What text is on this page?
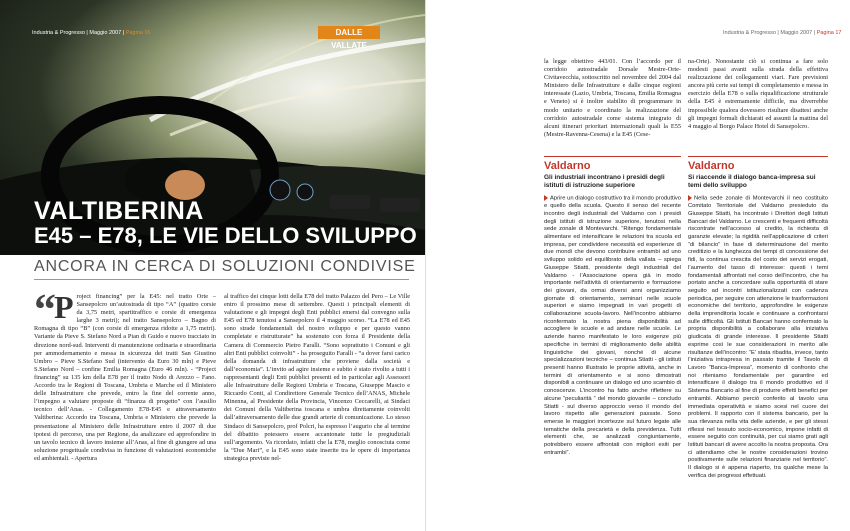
Industria & Progresso | Maggio 2007 | Pagina 16	DALLE VALLATE
VALTIBERINA
E45 – E78, LE VIE DELLO SVILUPPO
ANCORA IN CERCA DI SOLUZIONI CONDIVISE
“
P roject financing” per la E45: nel tratto Orte – Sansepolcro un’autostrada di tipo “A” (quattro corsie da 3,75 metri, spartitraffico e corsie di emergenza larghe 3 metri); nel tratto Sansepolcro – Bagno di Romagna di tipo “B” (con corsie di emergenza ridotte a 1,75 metri). Variante da Pieve S. Stefano Nord a Pian di Guido e nuovo tracciato in direzione nord-sud. Interventi di manutenzione ordinaria e straordinaria per ammodernamento e messa in sicurezza dei tratti San Giustino Umbro – Pieve S.Stefano Sud (intervento da Euro 30 mln) e Pieve S.Stefano Nord – confine Emilia Romagna (Euro 46 mln). - “Project financing” su 135 km della E78 per il tratto Nodo di Arezzo – Fano. Accordo tra le Regioni di Toscana, Umbria e Marche ed il Ministero delle Infrastrutture che prevede, entro la fine del corrente anno, l’impegno a valutare proposte di “finanza di progetto” con l’ausilio tecnico dell’Anas. - Collegamento E78-E45 e attraversamento Valtiberina: Accordo tra Toscana, Umbria e Ministero che prevede la presentazione al Ministero delle Infrastrutture entro il 2007 di due ipotesi di percorso, una per Regione, da analizzare ed approfondire in un tavolo tecnico di lavoro insieme all’Anas, al fine di giungere ad una soluzione progettuale condivisa in funzione di valutazioni economiche ed ambientali. - Apertura
al traffico dei cinque lotti della E78 del tratto Palazzo del Pero – Le Ville entro il prossimo mese di settembre. Questi i principali elementi di valutazione e gli impegni degli Enti pubblici emersi dal convegno sulla E45 ed E78 tenutosi a Sansepolcro il 4 maggio scorso. “La E78 ed E45 sono strade fondamentali del nostro sviluppo e per questo vanno completate e ristrutturate” ha sostenuto con forza il Presidente della Camera di Commercio Pietro Faralli. “Sono soprattutto i Comuni e gli altri Enti pubblici coinvolti” - ha proseguito Faralli - “a dover farsi carico della domanda di infrastrutture che proviene dalla società e dall’economia”. L’invito ad agire insieme e subito è stato rivolto a tutti i rappresentanti degli Enti pubblici presenti ed in particolar agli Assessori alle Infrastrutture delle Regioni Umbria e Toscana, Giuseppe Mascio e Riccardo Conti, al Condirettore Generale Tecnico dell’ANAS, Michele Minenna, al Presidente della Provincia, Vincenzo Ceccarelli, ai Sindaci dei Comuni della Valtiberina toscana e umbra direttamente coinvolti dall’attraversamento delle due grandi arterie di comunicazione. Lo stesso Sindaco di Sansepolcro, prof Polcri, ha espresso l’augurio che al termine del dibattito potessero essere accantonate tutte le pregiudiziali sull’argomento. Va ricordato, infatti che la E78, meglio conosciuta come la “Due Mari”, e la E45 sono state inserite tra le opere di importanza strategica previste nel-
Industria & Progresso | Maggio 2007 | Pagina 17
la legge obiettivo 443/01. Con l’accordo per il corridoio autostradale Dorsale Mestre-Orte-Civitavecchia, sottoscritto nel novembre del 2004 dal Ministero delle Infrastrutture e dalle cinque regioni interessate (Lazio, Umbria, Toscana, Emilia Romagna e Veneto) si è inoltre stabilito di programmare in modo unitario e coordinato la realizzazione del corridoio autostradale come sistema integrato di alcuni itinerari prioritari internazionali quali la E55 (Mestre-Ravenna-Cesena) e la E45 (Cese-
na-Orte). Nonostante ciò si continua a fare solo modesti passi avanti sulla strada della effettiva realizzazione dei collegamenti viari. Fare previsioni ancora più certe sui tempi di completamento e messa in esercizio della E78 o sulla riqualificazione strutturale della E45 è estremamente difficile, ma diverrebbe impossibile qualora dovessero risultare disattesi anche gli impegni formali dichiarati ed assunti la mattina del 4 maggio al Borgo Palace Hotel di Sansepolcro.
Valdarno
Gli industriali incontrano i presidi degli istituti di istruzione superiore
Aprire un dialogo costruttivo tra il mondo produttivo e quello della scuola. Questo il senso del recente incontro degli industriali del Valdarno con i presidi degli istituti di istruzione superiore, tenutosi nella sede zonale di Montevarchi. “Ritengo fondamentale alimentare ed intensificare le relazioni tra scuola ed impresa, per condividere necessità ed esperienze di due mondi che devono contribuire entrambi ad uno sviluppo solido ed equilibrato della vallata – spiega Giuseppe Stiatti, presidente degli industriali del Valdarno - l’Associazione opera già in modo importante nell’attività di orientamento e formazione dei giovani, da ormai diversi anni organizziamo giornate di orientamento, seminari nelle scuole superiori e siamo impegnati in vari progetti di collaborazione scuola-lavoro. Nell’incontro abbiamo riconfermato la nostra piena disponibilità ad accogliere le scuole e ad andare nelle scuole. Le aziende hanno manifestato le loro esigenze più specifiche in termini di miglioramento delle abilità linguistiche dei giovani, nonché di alcune specializzazioni tecniche – continua Stiatti - gli istituti presenti hanno illustrato le proprie attività, anche in termini di orientamento e si sono dimostrati disponibili a continuare un dialogo ed uno scambio di conoscenze. L’incontro ha fatto anche riflettere su alcune “peculiarità ” del mondo giovanile – concludo Stiatti - sul diverso approccio verso il mondo del lavoro rispetto alle generazioni passate. Sono emerse le maggiori incertezze sul futuro legate alle tematiche della precarietà e della previdenza. Tutti elementi che, se analizzati congiuntamente, potrebbero essere affrontati con migliori esiti per entrambi”.
Valdarno
Si riaccende il dialogo banca-impresa sui temi dello sviluppo
Nella sede zonale di Montevarchi il neo costituito Comitato Territoriale del Valdarno presieduto da Giuseppe Stiatti, ha incontrato i Direttori degli Istituti Bancari del Valdarno. Le crescenti e frequenti difficoltà riscontrate nell’accesso al credito, la richiesta di garanzie elevate; la rigidità nell’applicazione di criteri “di bilancio” in fase di determinazione del merito creditizio e la lunghezza dei tempi di concessione dei fidi, la continua crescita del costo dei servizi erogati, l’aumento del tasso di interesse: questi i temi fondamentali affrontati nel corso dell’incontro, che ha portato anche a concordare sulla opportunità di stare seguito ad incontri istituzionalizzati con cadenza periodica, per seguire con attenzione le trasformazioni economiche del territorio, approfondire le esigenze della imprenditoria locale e continuare a confrontarsi sulle difficoltà. Gli Istituti Bancari hanno confermato la propria disponibilità a collaborare alla iniziativa giudicata di grande interesse. Il presidente Stiatti esprime così le sue considerazioni in merito alle risultanze dell’incontro: “E’ stata ribadita, invece, tanto l’iniziativa intrapresa in passato tramite il Tavolo di Lavoro “Banca-Impresa”, momento di confronto che noi riteniamo fondamentale per garantire ed intensificare il dialogo tra il mondo produttivo ed il Sistema Bancario al fine di produrre effetti benefici per entrambi. Abbiamo perciò conferito al tavolo una immediata operatività e siamo scesi nel cuore dei problemi. Il rapporto con il sistema bancario, per la sua rilevanza nella vita delle aziende, e per gli stessi riflessi nel tessuto socio-economico, impone infatti di essere seguito con continuità, per cui siamo grati agli Istituti bancari di avere accolto la nostra proposta. Ora ci attendiamo che le nostre considerazioni trovino positivamente sulle relazioni finanziarie nel territorio”. Il dialogo si è appena riaperto, tra qualche mese la verifica dei progressi effettuati.
